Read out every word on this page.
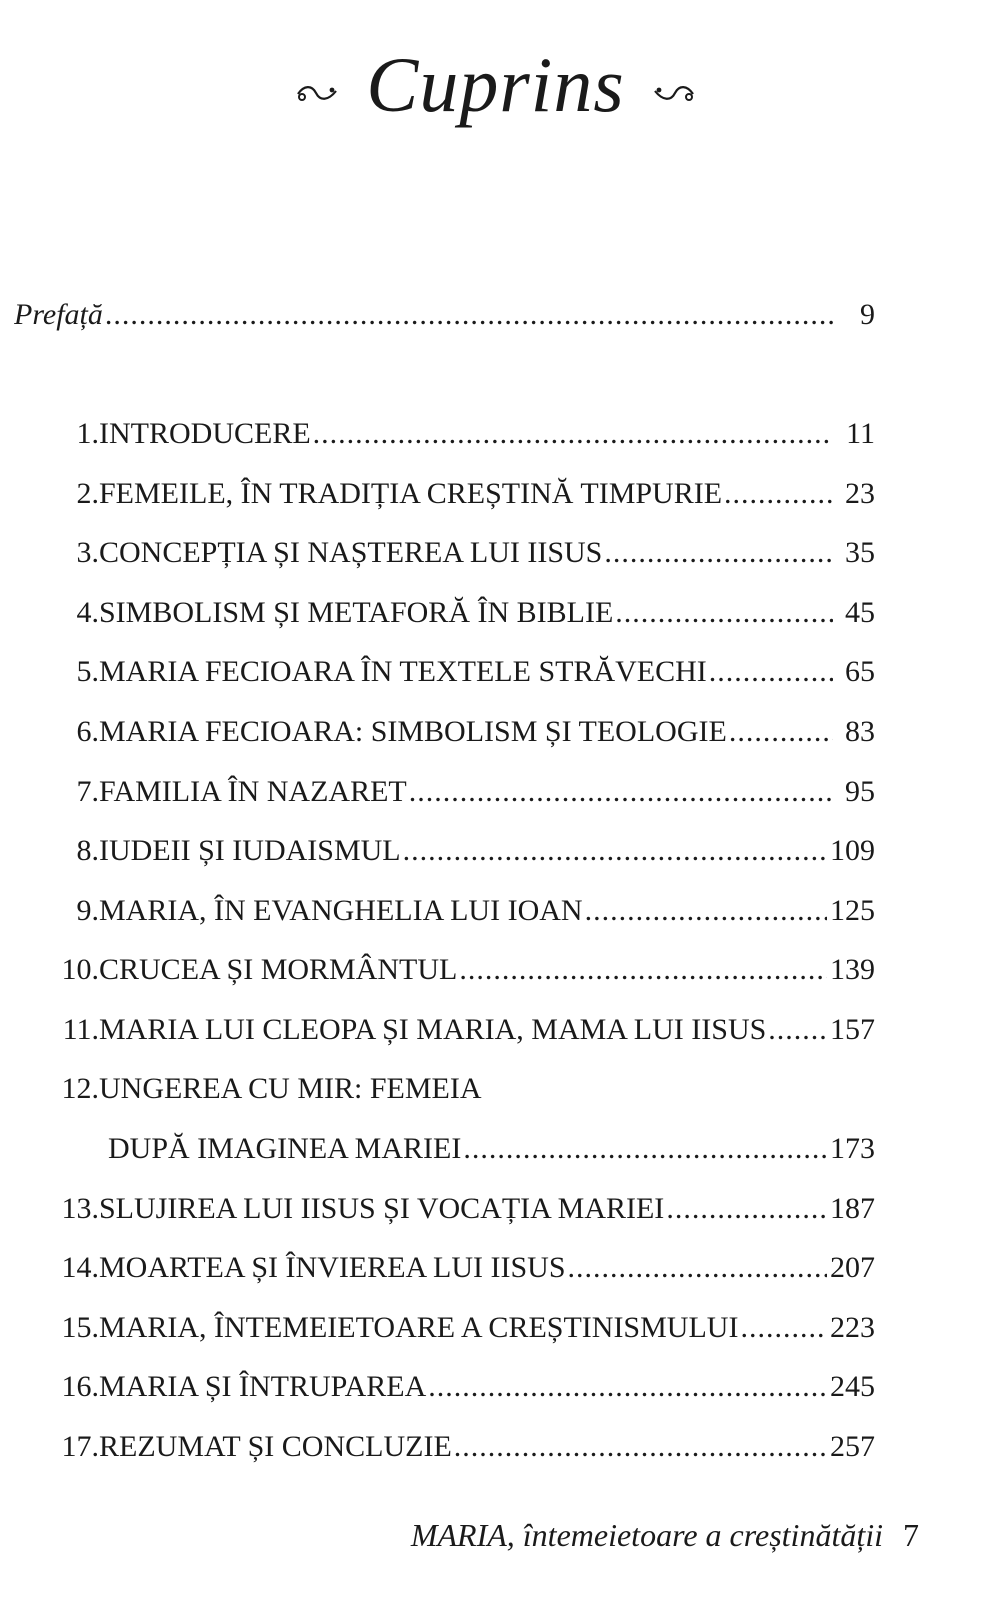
Cuprins
Prefață .....	9
1. INTRODUCERE .....	11
2. FEMEILE, ÎN TRADIȚIA CREȘTINĂ TIMPURIE .....	23
3. CONCEPȚIA ȘI NAȘTEREA LUI IISUS .....	35
4. SIMBOLISM ȘI METAFORĂ ÎN BIBLIE .....	45
5. MARIA FECIOARA ÎN TEXTELE STRĂVECHI .....	65
6. MARIA FECIOARA: SIMBOLISM ȘI TEOLOGIE .....	83
7. FAMILIA ÎN NAZARET .....	95
8. IUDEII ȘI IUDAISMUL .....	109
9. MARIA, ÎN EVANGHELIA LUI IOAN .....	125
10. CRUCEA ȘI MORMÂNTUL .....	139
11. MARIA LUI CLEOPA ȘI MARIA, MAMA LUI IISUS .....	157
12. UNGEREA CU MIR: FEMEIA
DUPĂ IMAGINEA MARIEI .....	173
13. SLUJIREA LUI IISUS ȘI VOCAȚIA MARIEI .....	187
14. MOARTEA ȘI ÎNVIEREA LUI IISUS .....	207
15. MARIA, ÎNTEMEIETOARE A CREȘTINISMULUI .....	223
16. MARIA ȘI ÎNTRUPAREA .....	245
17. REZUMAT ȘI CONCLUZIE .....	257
MARIA, întemeietoare a creștinătății 7
